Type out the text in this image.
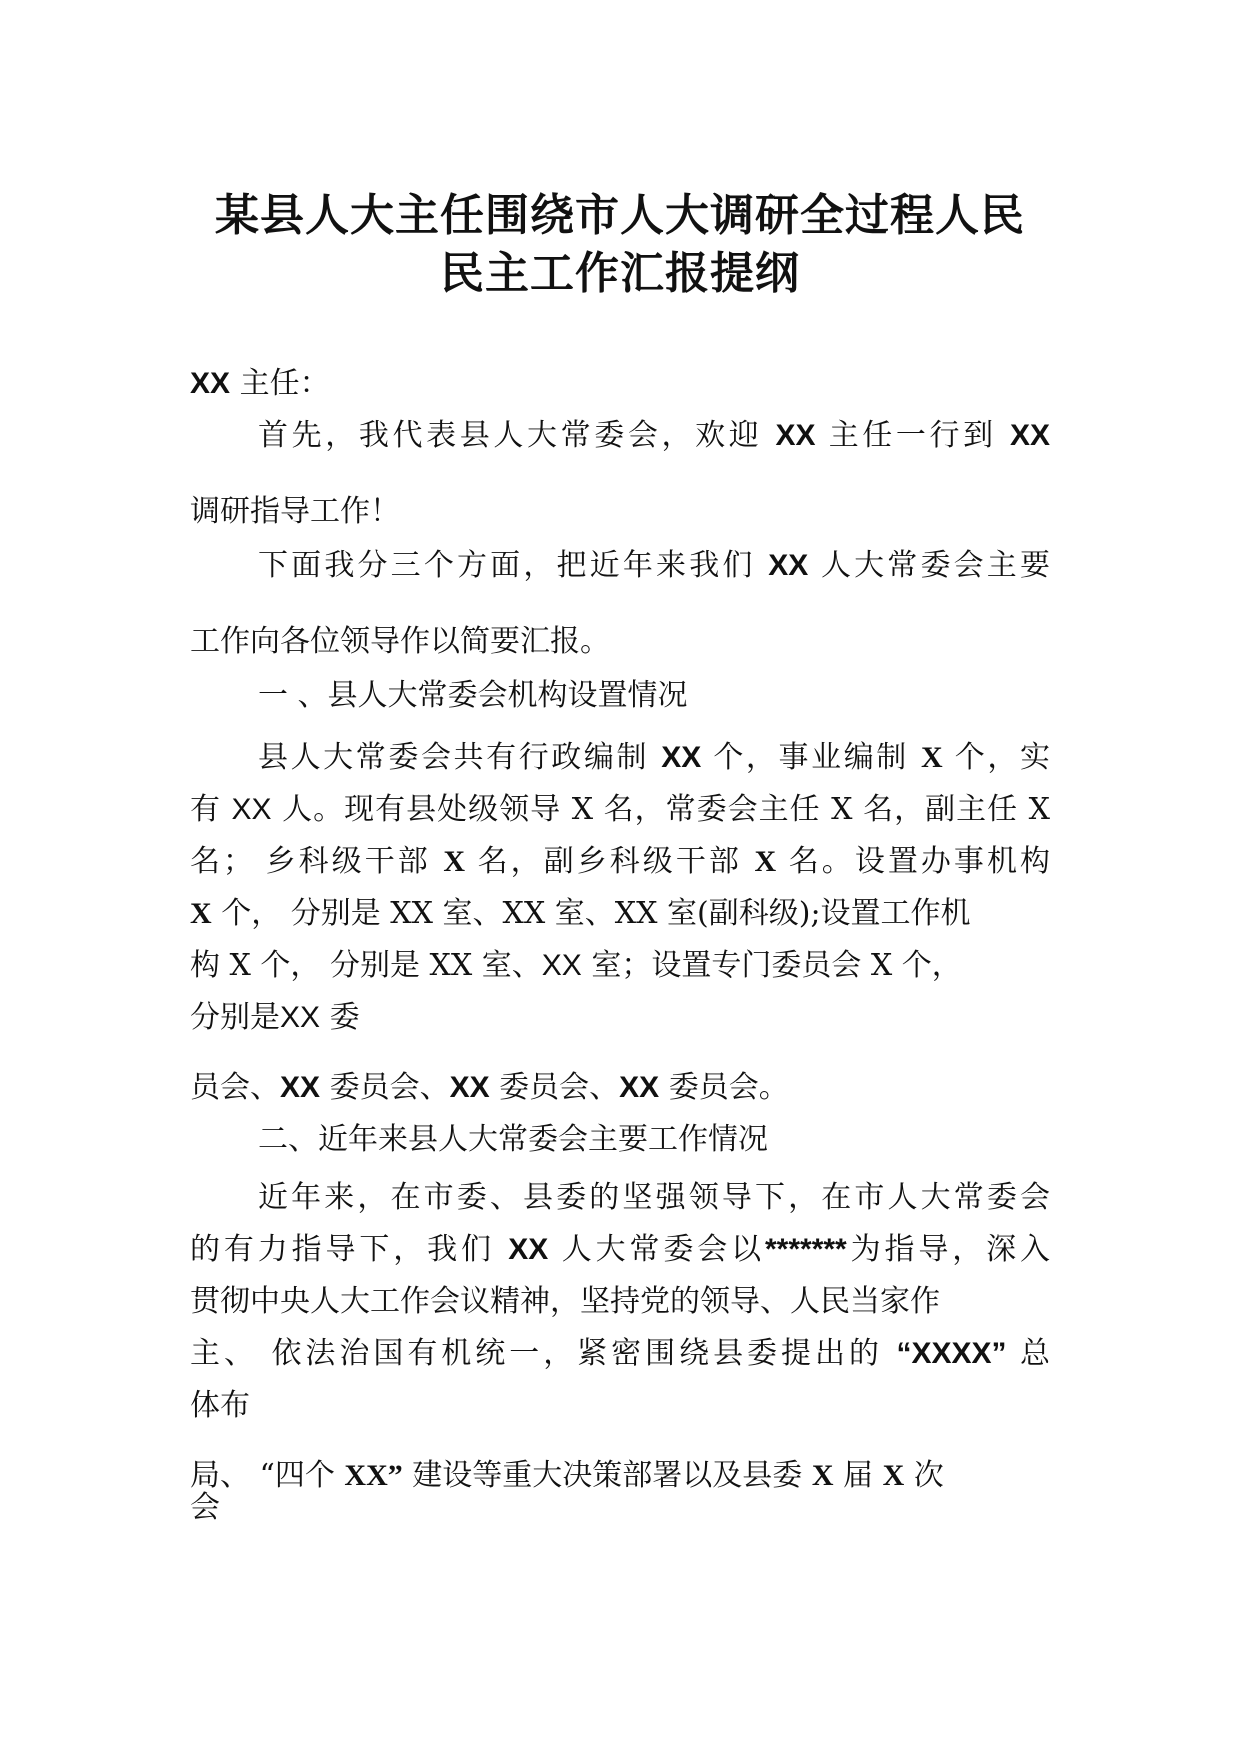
某县人大主任围绕市人大调研全过程人民
民主工作汇报提纲
XX 主任：
首先，我代表县人大常委会，欢迎 XX 主任一行到 XX
调研指导工作！
下面我分三个方面，把近年来我们 XX 人大常委会主要
工作向各位领导作以简要汇报。
一 、县人大常委会机构设置情况
县人大常委会共有行政编制 XX 个，事业编制 X 个，实
有 XX 人。现有县处级领导 X 名，常委会主任 X 名，副主任 X
名； 乡科级干部 X 名，副乡科级干部 X 名。设置办事机构
X 个， 分别是 XX 室、XX 室、XX 室(副科级);设置工作机
构 X 个， 分别是 XX 室、XX 室；设置专门委员会 X 个，
分别是XX 委
员会、XX 委员会、XX 委员会、XX 委员会。
二、近年来县人大常委会主要工作情况
近年来，在市委、县委的坚强领导下，在市人大常委会
的有力指导下，我们 XX 人大常委会以*******为指导，深入
贯彻中央人大工作会议精神，坚持党的领导、人民当家作
主、 依法治国有机统一，紧密围绕县委提出的 “XXXX” 总
体布
局、 “四个 XX” 建设等重大决策部署以及县委 X 届 X 次
会
